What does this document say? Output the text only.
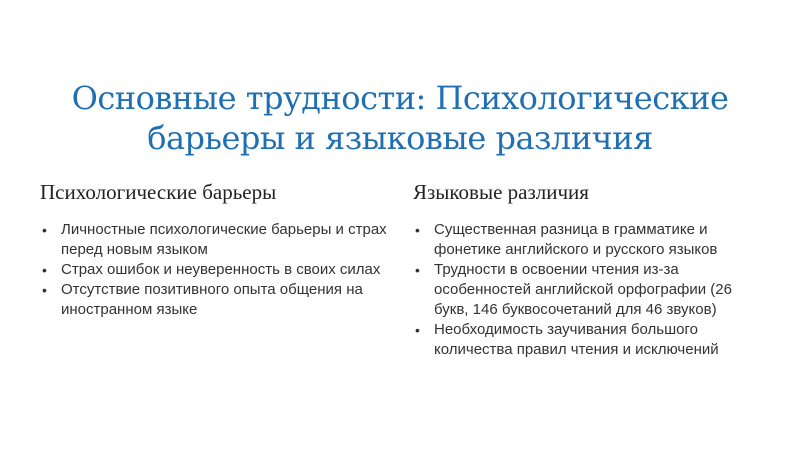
Основные трудности: Психологические
барьеры и языковые различия
Психологические барьеры
• Личностные психологические барьеры и страх перед новым языком
• Страх ошибок и неуверенность в своих силах
• Отсутствие позитивного опыта общения на иностранном языке
Языковые различия
• Существенная разница в грамматике и фонетике английского и русского языков
• Трудности в освоении чтения из-за особенностей английской орфографии (26 букв, 146 буквосочетаний для 46 звуков)
• Необходимость заучивания большого количества правил чтения и исключений
